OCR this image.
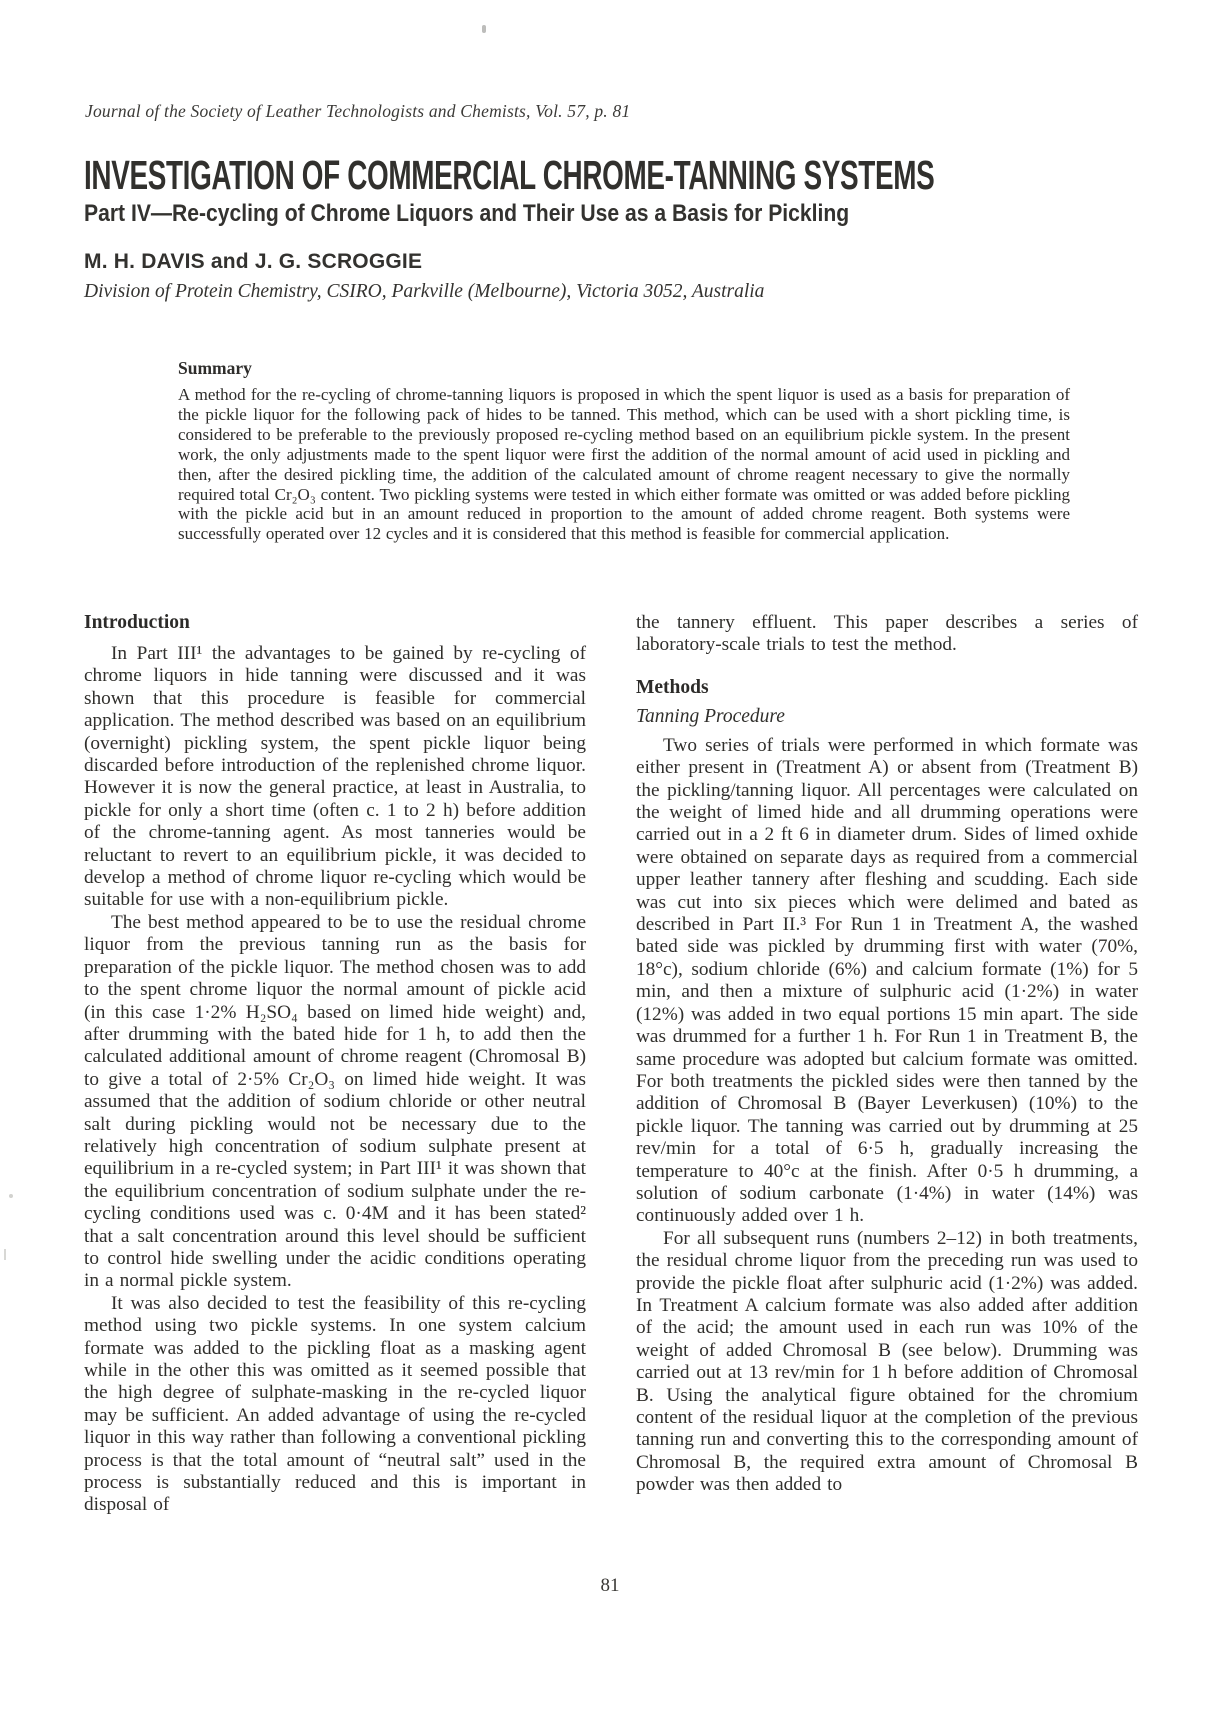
Journal of the Society of Leather Technologists and Chemists, Vol. 57, p. 81
INVESTIGATION OF COMMERCIAL CHROME-TANNING SYSTEMS
Part IV—Re-cycling of Chrome Liquors and Their Use as a Basis for Pickling
M. H. DAVIS and J. G. SCROGGIE
Division of Protein Chemistry, CSIRO, Parkville (Melbourne), Victoria 3052, Australia
Summary

A method for the re-cycling of chrome-tanning liquors is proposed in which the spent liquor is used as a basis for preparation of the pickle liquor for the following pack of hides to be tanned. This method, which can be used with a short pickling time, is considered to be preferable to the previously proposed re-cycling method based on an equilibrium pickle system. In the present work, the only adjustments made to the spent liquor were first the addition of the normal amount of acid used in pickling and then, after the desired pickling time, the addition of the calculated amount of chrome reagent necessary to give the normally required total Cr₂O₃ content. Two pickling systems were tested in which either formate was omitted or was added before pickling with the pickle acid but in an amount reduced in proportion to the amount of added chrome reagent. Both systems were successfully operated over 12 cycles and it is considered that this method is feasible for commercial application.

Introduction

In Part III¹ the advantages to be gained by re-cycling of chrome liquors in hide tanning were discussed and it was shown that this procedure is feasible for commercial application. The method described was based on an equilibrium (overnight) pickling system, the spent pickle liquor being discarded before introduction of the replenished chrome liquor. However it is now the general practice, at least in Australia, to pickle for only a short time (often c. 1 to 2 h) before addition of the chrome-tanning agent. As most tanneries would be reluctant to revert to an equilibrium pickle, it was decided to develop a method of chrome liquor re-cycling which would be suitable for use with a non-equilibrium pickle.

The best method appeared to be to use the residual chrome liquor from the previous tanning run as the basis for preparation of the pickle liquor. The method chosen was to add to the spent chrome liquor the normal amount of pickle acid (in this case 1·2% H₂SO₄ based on limed hide weight) and, after drumming with the bated hide for 1 h, to add then the calculated additional amount of chrome reagent (Chromosal B) to give a total of 2·5% Cr₂O₃ on limed hide weight. It was assumed that the addition of sodium chloride or other neutral salt during pickling would not be necessary due to the relatively high concentration of sodium sulphate present at equilibrium in a re-cycled system; in Part III¹ it was shown that the equilibrium concentration of sodium sulphate under the re-cycling conditions used was c. 0·4M and it has been stated² that a salt concentration around this level should be sufficient to control hide swelling under the acidic conditions operating in a normal pickle system.

It was also decided to test the feasibility of this re-cycling method using two pickle systems. In one system calcium formate was added to the pickling float as a masking agent while in the other this was omitted as it seemed possible that the high degree of sulphate-masking in the re-cycled liquor may be sufficient. An added advantage of using the re-cycled liquor in this way rather than following a conventional pickling process is that the total amount of “neutral salt” used in the process is substantially reduced and this is important in disposal of

the tannery effluent. This paper describes a series of laboratory-scale trials to test the method.

Methods
Tanning Procedure

Two series of trials were performed in which formate was either present in (Treatment A) or absent from (Treatment B) the pickling/tanning liquor. All percentages were calculated on the weight of limed hide and all drumming operations were carried out in a 2 ft 6 in diameter drum. Sides of limed oxhide were obtained on separate days as required from a commercial upper leather tannery after fleshing and scudding. Each side was cut into six pieces which were delimed and bated as described in Part II.³ For Run 1 in Treatment A, the washed bated side was pickled by drumming first with water (70%, 18°c), sodium chloride (6%) and calcium formate (1%) for 5 min, and then a mixture of sulphuric acid (1·2%) in water (12%) was added in two equal portions 15 min apart. The side was drummed for a further 1 h. For Run 1 in Treatment B, the same procedure was adopted but calcium formate was omitted. For both treatments the pickled sides were then tanned by the addition of Chromosal B (Bayer Leverkusen) (10%) to the pickle liquor. The tanning was carried out by drumming at 25 rev/min for a total of 6·5 h, gradually increasing the temperature to 40°c at the finish. After 0·5 h drumming, a solution of sodium carbonate (1·4%) in water (14%) was continuously added over 1 h.

For all subsequent runs (numbers 2–12) in both treatments, the residual chrome liquor from the preceding run was used to provide the pickle float after sulphuric acid (1·2%) was added. In Treatment A calcium formate was also added after addition of the acid; the amount used in each run was 10% of the weight of added Chromosal B (see below). Drumming was carried out at 13 rev/min for 1 h before addition of Chromosal B. Using the analytical figure obtained for the chromium content of the residual liquor at the completion of the previous tanning run and converting this to the corresponding amount of Chromosal B, the required extra amount of Chromosal B powder was then added to

81
